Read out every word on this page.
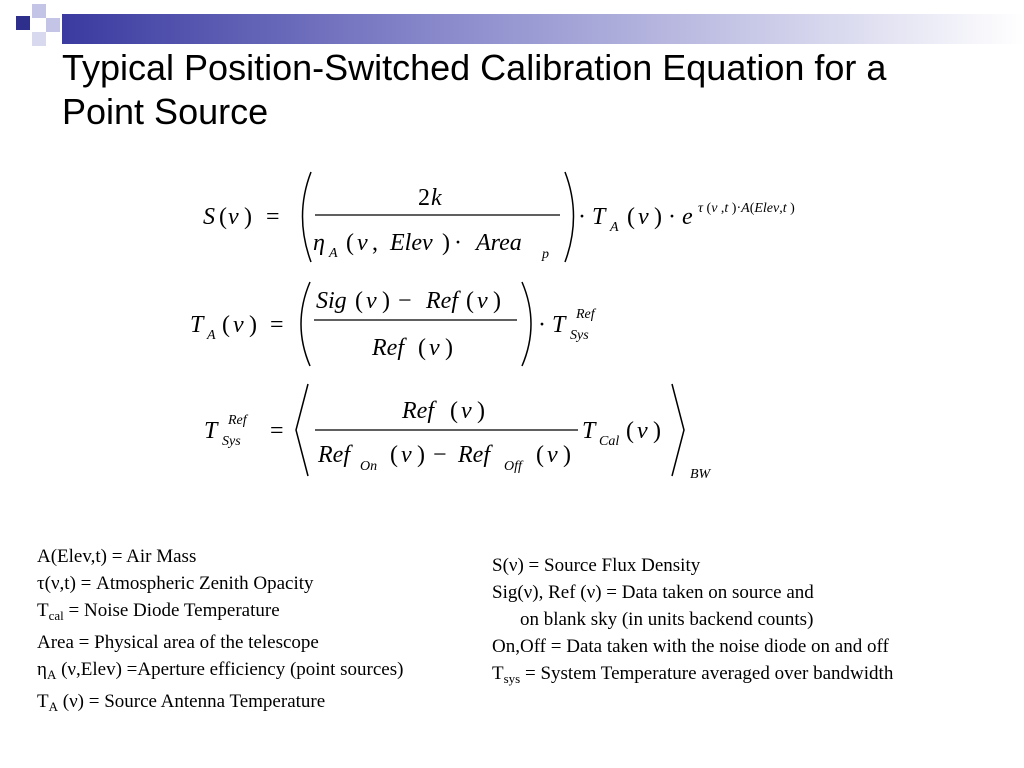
Typical Position-Switched Calibration Equation for a
Point Source
S ( ν ) =
2 k
η A ( ν , Elev ) · Area p
· T A ( ν ) · e τ (ν ,t )·A(Elev,t )
T A ( ν ) =
Sig ( ν ) − Ref ( ν )
Ref ( ν )
· T Ref
Sys
T Ref
Sys =
Ref ( ν )
Ref On ( ν ) − Ref Off ( ν )
T Cal ( ν )
BW
A(Elev,t) = Air Mass
τ(ν,t) = Atmospheric Zenith Opacity
$T_{cal}$ = Noise Diode Temperature
Area = Physical area of the telescope
$\eta_A$ (ν,Elev) =Aperture efficiency (point sources)
$T_A$ (ν) = Source Antenna Temperature
S(ν) = Source Flux Density
Sig(ν), Ref (ν) = Data taken on source and
on blank sky (in units backend counts)
On,Off = Data taken with the noise diode on and off
$T_{sys}$ = System Temperature averaged over bandwidth
